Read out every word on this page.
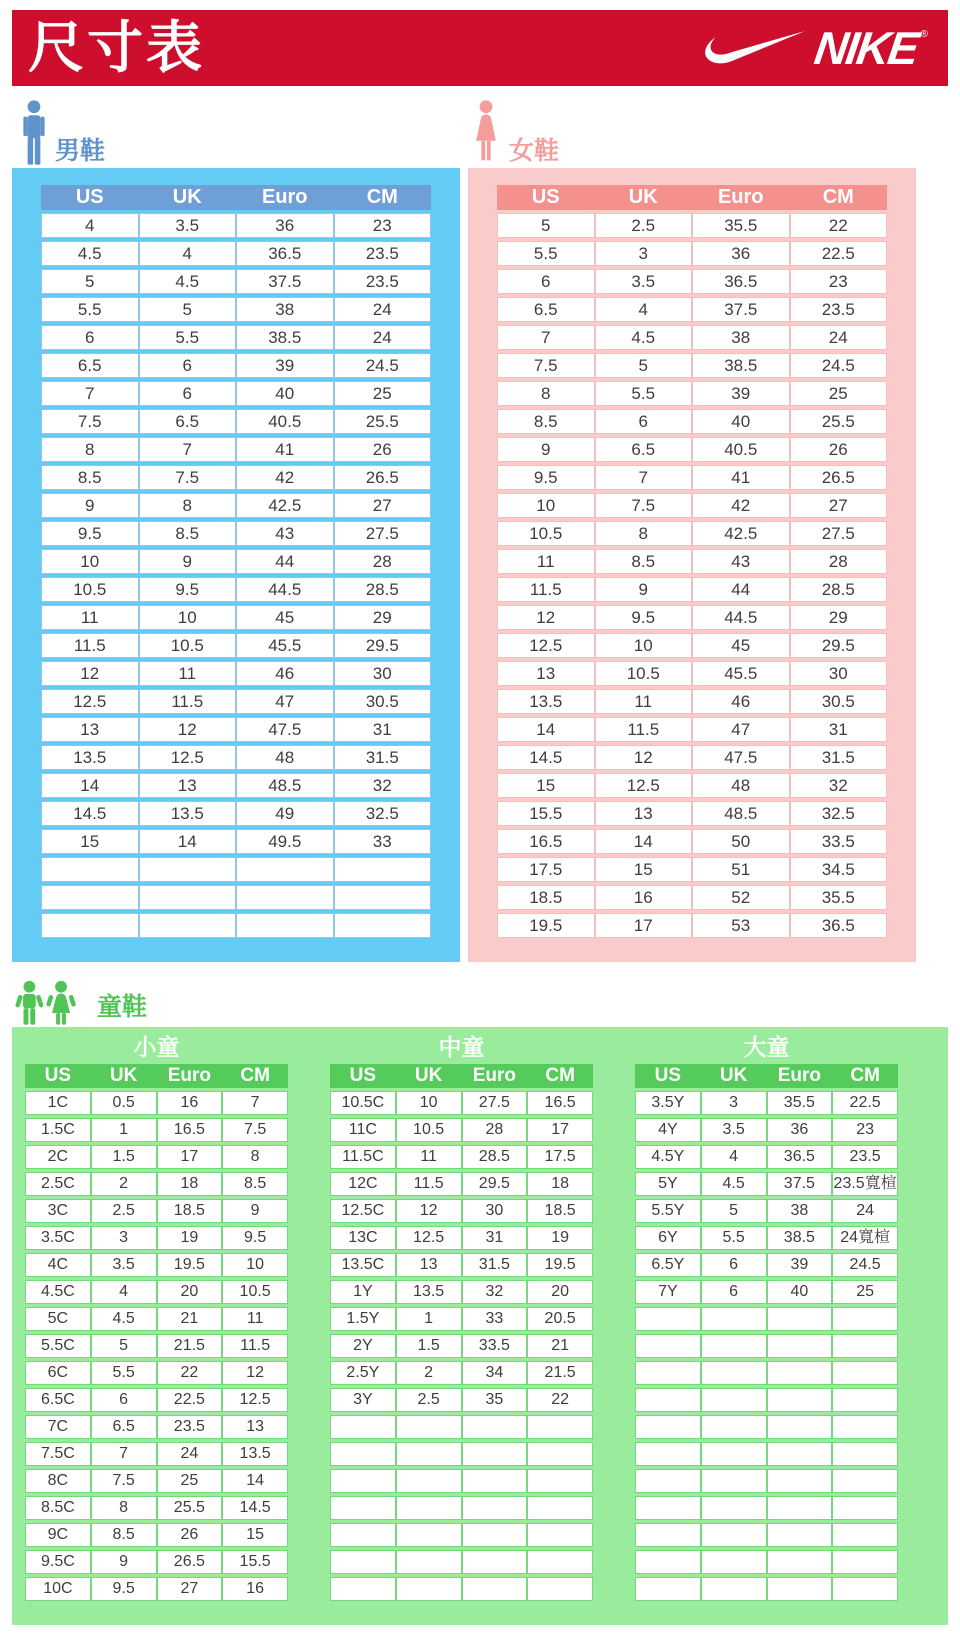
尺寸表	NIKE ®
男鞋
US	UK	Euro	CM
4	3.5	36	23
4.5	4	36.5	23.5
5	4.5	37.5	23.5
5.5	5	38	24
6	5.5	38.5	24
6.5	6	39	24.5
7	6	40	25
7.5	6.5	40.5	25.5
8	7	41	26
8.5	7.5	42	26.5
9	8	42.5	27
9.5	8.5	43	27.5
10	9	44	28
10.5	9.5	44.5	28.5
11	10	45	29
11.5	10.5	45.5	29.5
12	11	46	30
12.5	11.5	47	30.5
13	12	47.5	31
13.5	12.5	48	31.5
14	13	48.5	32
14.5	13.5	49	32.5
15	14	49.5	33

女鞋
US	UK	Euro	CM
5	2.5	35.5	22
5.5	3	36	22.5
6	3.5	36.5	23
6.5	4	37.5	23.5
7	4.5	38	24
7.5	5	38.5	24.5
8	5.5	39	25
8.5	6	40	25.5
9	6.5	40.5	26
9.5	7	41	26.5
10	7.5	42	27
10.5	8	42.5	27.5
11	8.5	43	28
11.5	9	44	28.5
12	9.5	44.5	29
12.5	10	45	29.5
13	10.5	45.5	30
13.5	11	46	30.5
14	11.5	47	31
14.5	12	47.5	31.5
15	12.5	48	32
15.5	13	48.5	32.5
16.5	14	50	33.5
17.5	15	51	34.5
18.5	16	52	35.5
19.5	17	53	36.5
童鞋
小童
US	UK	Euro	CM
1C	0.5	16	7
1.5C	1	16.5	7.5
2C	1.5	17	8
2.5C	2	18	8.5
3C	2.5	18.5	9
3.5C	3	19	9.5
4C	3.5	19.5	10
4.5C	4	20	10.5
5C	4.5	21	11
5.5C	5	21.5	11.5
6C	5.5	22	12
6.5C	6	22.5	12.5
7C	6.5	23.5	13
7.5C	7	24	13.5
8C	7.5	25	14
8.5C	8	25.5	14.5
9C	8.5	26	15
9.5C	9	26.5	15.5
10C	9.5	27	16
中童
US	UK	Euro	CM
10.5C	10	27.5	16.5
11C	10.5	28	17
11.5C	11	28.5	17.5
12C	11.5	29.5	18
12.5C	12	30	18.5
13C	12.5	31	19
13.5C	13	31.5	19.5
1Y	13.5	32	20
1.5Y	1	33	20.5
2Y	1.5	33.5	21
2.5Y	2	34	21.5
3Y	2.5	35	22

大童
US	UK	Euro	CM
3.5Y	3	35.5	22.5
4Y	3.5	36	23
4.5Y	4	36.5	23.5
5Y	4.5	37.5	23.5寬楦
5.5Y	5	38	24
6Y	5.5	38.5	24寬楦
6.5Y	6	39	24.5
7Y	6	40	25
